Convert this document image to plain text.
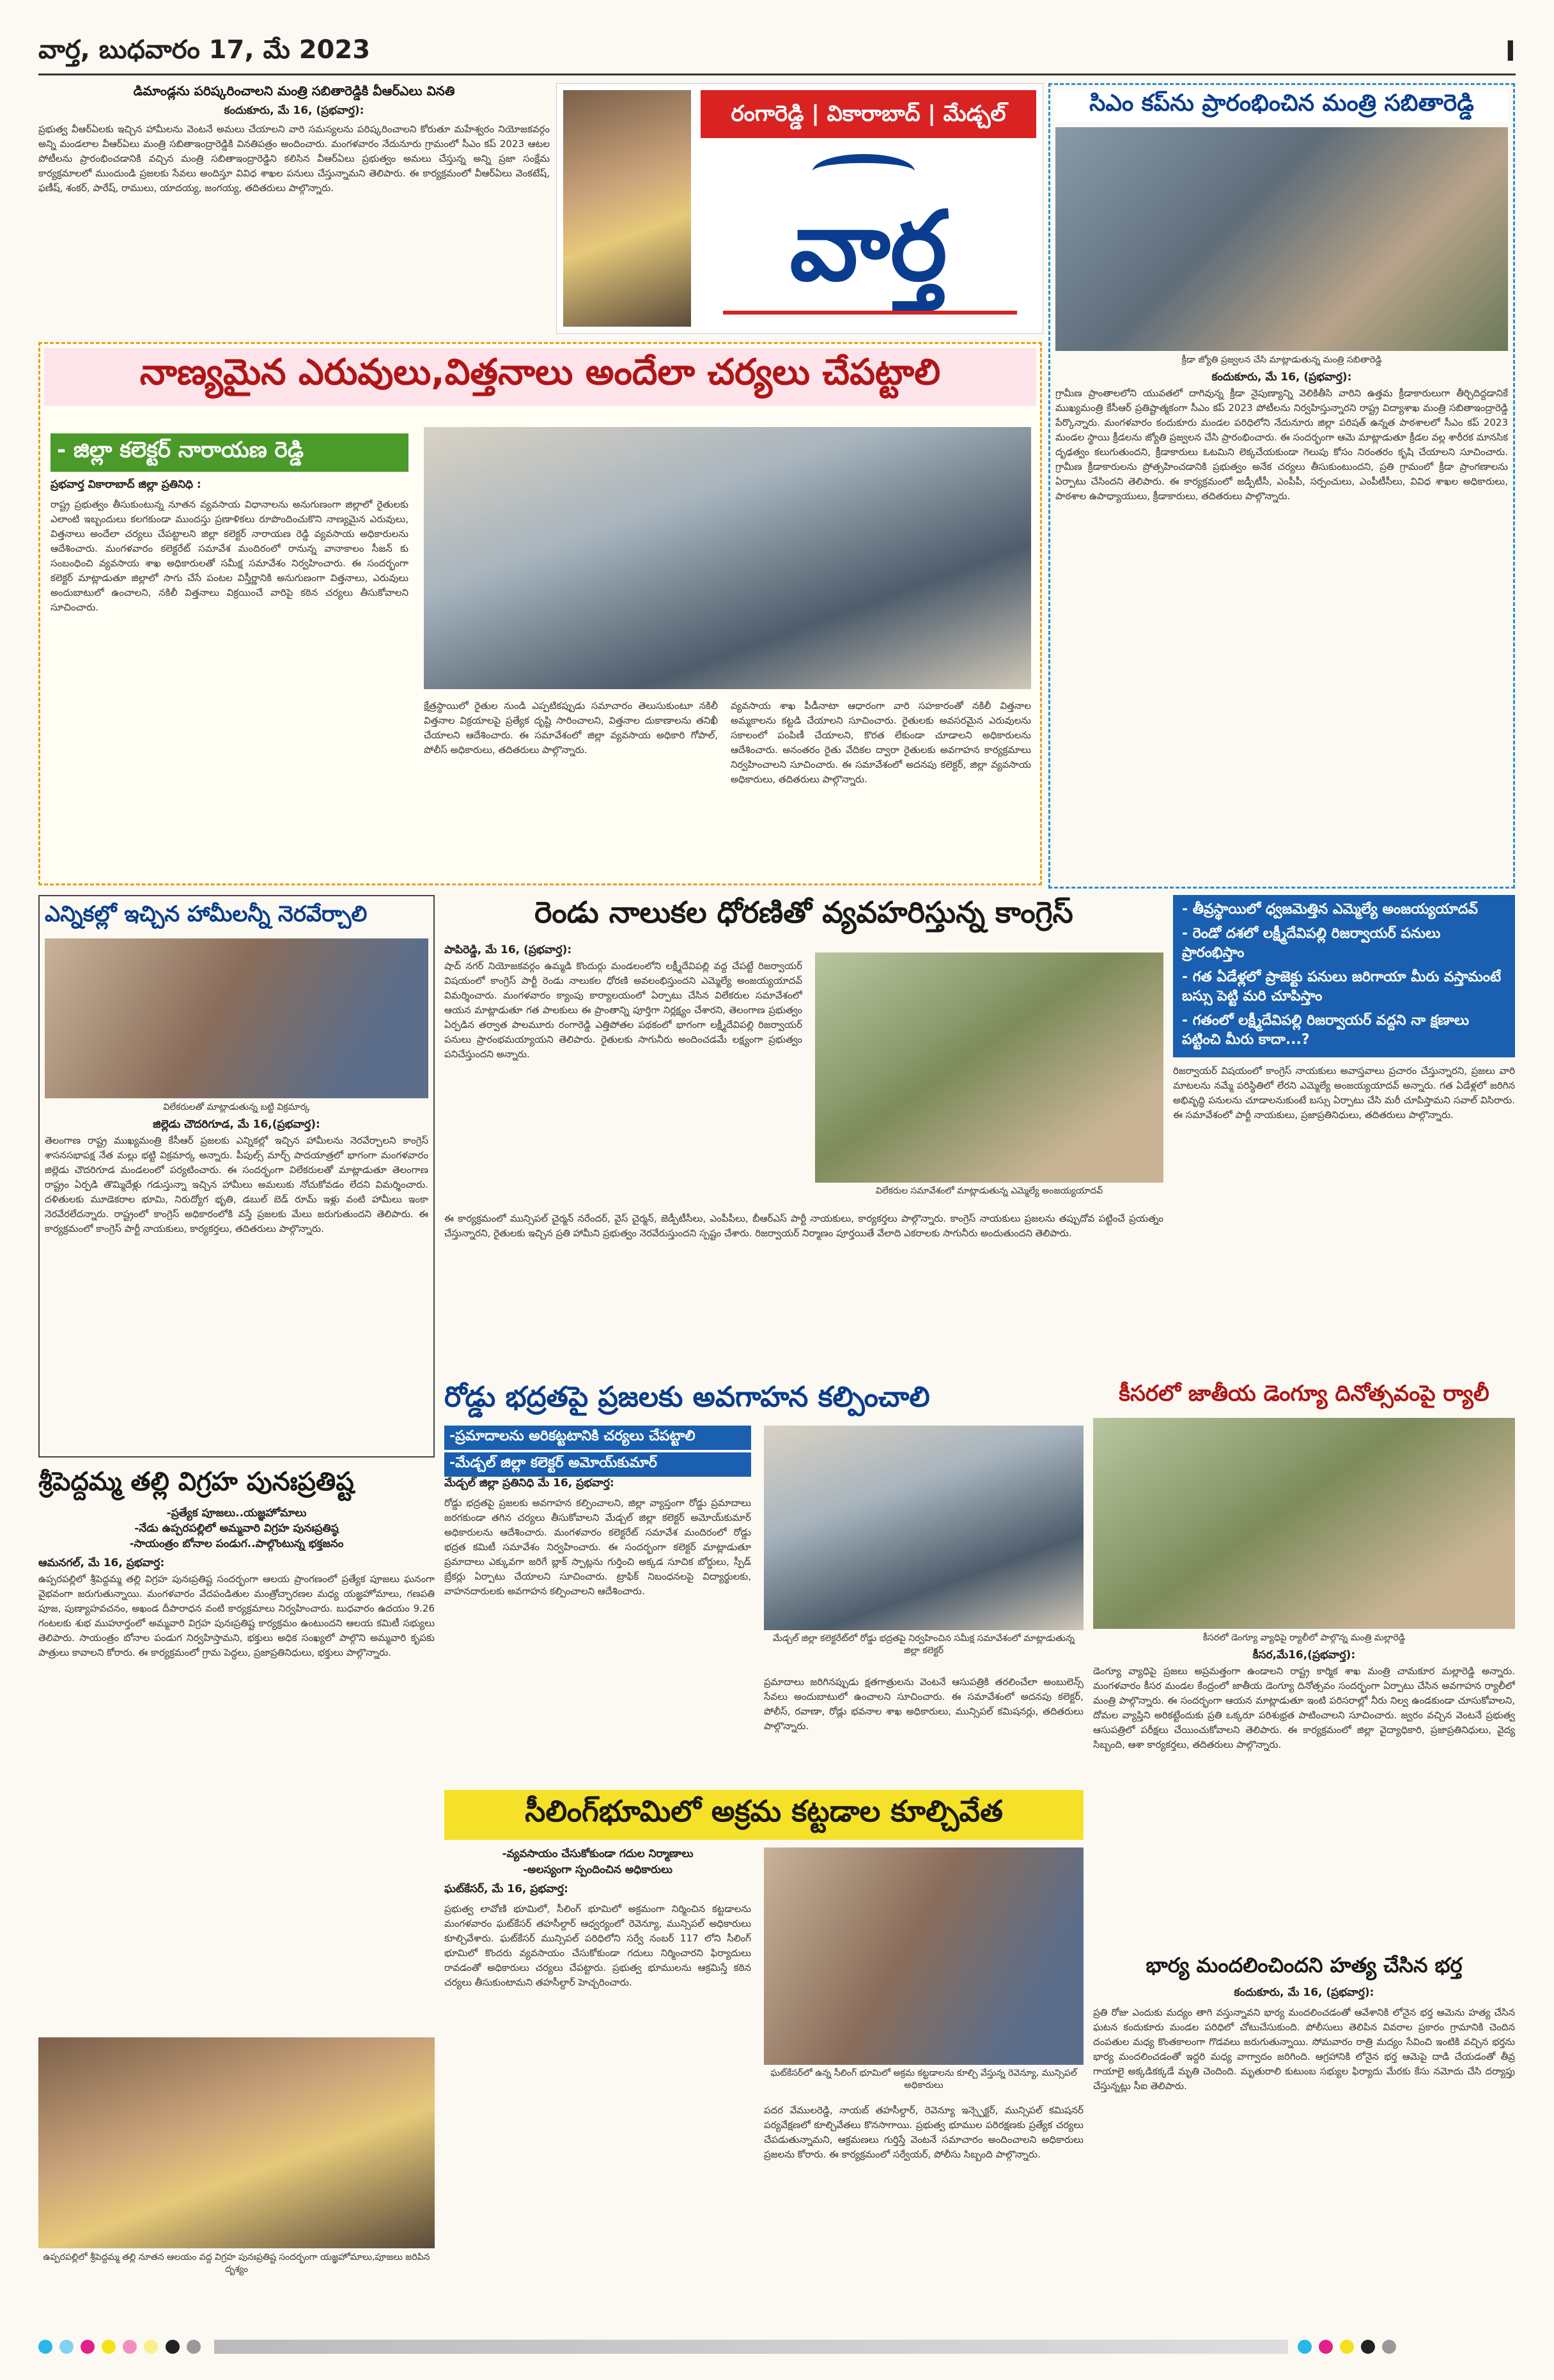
వార్త, బుధవారం 17, మే 2023	I
డిమాండ్లను పరిష్కరించాలని మంత్రి సబితారెడ్డికి వీఆర్ఎలు వినతి
కందుకూరు, మే 16, (ప్రభవార్త):
ప్రభుత్వ వీఆర్ఏలకు ఇచ్చిన హామీలను వెంటనే అమలు చేయాలని వారి సమస్యలను పరిష్కరించాలని కోరుతూ మహేశ్వరం నియోజకవర్గం అన్ని మండలాల వీఆర్ఏలు మంత్రి సబితాఇంద్రారెడ్డికి వినతిపత్రం అందించారు. మంగళవారం నేదునూరు గ్రామంలో సీఎం కప్ 2023 ఆటల పోటీలను ప్రారంభించడానికి వచ్చిన మంత్రి సబితాఇంద్రారెడ్డిని కలిసిన వీఆర్ఏలు ప్రభుత్వం అమలు చేస్తున్న అన్ని ప్రజా సంక్షేమ కార్యక్రమాలలో ముందుండి ప్రజలకు సేవలు అందిస్తూ వివిధ శాఖల పనులు చేస్తున్నామని తెలిపారు. ఈ కార్యక్రమంలో వీఆర్ఏలు వెంకటేష్, ఫణీష్, శంకర్, పారేష్, రాములు, యాదయ్య, జంగయ్య, తదితరులు పాల్గొన్నారు.
రంగారెడ్డి | వికారాబాద్ | మేడ్చల్
వార్త
సిఎం కప్‌ను ప్రారంభించిన మంత్రి సబితారెడ్డి
క్రీడా జ్యోతి ప్రజ్వలన చేసి మాట్లాడుతున్న మంత్రి సబితారెడ్డి
కందుకూరు, మే 16, (ప్రభవార్త):
గ్రామీణ ప్రాంతాలలోని యువతలో దాగివున్న క్రీడా నైపుణ్యాన్ని వెలికితీసి వారిని ఉత్తమ క్రీడాకారులుగా తీర్చిదిద్దడానికే ముఖ్యమంత్రి కేసీఆర్ ప్రతిష్టాత్మకంగా సీఎం కప్ 2023 పోటీలను నిర్వహిస్తున్నారని రాష్ట్ర విద్యాశాఖ మంత్రి సబితాఇంద్రారెడ్డి పేర్కొన్నారు. మంగళవారం కందుకూరు మండల పరిధిలోని నేదునూరు జిల్లా పరిషత్ ఉన్నత పాఠశాలలో సీఎం కప్ 2023 మండల స్థాయి క్రీడలను జ్యోతి ప్రజ్వలన చేసి ప్రారంభించారు. ఈ సందర్భంగా ఆమె మాట్లాడుతూ క్రీడల వల్ల శారీరక మానసిక దృఢత్వం కలుగుతుందని, క్రీడాకారులు ఓటమిని లెక్కచేయకుండా గెలుపు కోసం నిరంతరం కృషి చేయాలని సూచించారు. గ్రామీణ క్రీడాకారులను ప్రోత్సహించడానికి ప్రభుత్వం అనేక చర్యలు తీసుకుంటుందని, ప్రతి గ్రామంలో క్రీడా ప్రాంగణాలను ఏర్పాటు చేసిందని తెలిపారు. ఈ కార్యక్రమంలో జడ్పీటీసీ, ఎంపీపీ, సర్పంచులు, ఎంపీటీసీలు, వివిధ శాఖల అధికారులు, పాఠశాల ఉపాధ్యాయులు, క్రీడాకారులు, తదితరులు పాల్గొన్నారు.
నాణ్యమైన ఎరువులు,విత్తనాలు అందేలా చర్యలు చేపట్టాలి
- జిల్లా కలెక్టర్ నారాయణ రెడ్డి
ప్రభవార్త వికారాబాద్ జిల్లా ప్రతినిధి :
రాష్ట్ర ప్రభుత్వం తీసుకుంటున్న నూతన వ్యవసాయ విధానాలను అనుగుణంగా జిల్లాలో రైతులకు ఎలాంటి ఇబ్బందులు కలగకుండా ముందస్తు ప్రణాళికలు రూపొందించుకొని నాణ్యమైన ఎరువులు, విత్తనాలు అందేలా చర్యలు చేపట్టాలని జిల్లా కలెక్టర్ నారాయణ రెడ్డి వ్యవసాయ అధికారులను ఆదేశించారు. మంగళవారం కలెక్టరేట్ సమావేశ మందిరంలో రానున్న వానాకాలం సీజన్ కు సంబంధించి వ్యవసాయ శాఖ అధికారులతో సమీక్ష సమావేశం నిర్వహించారు. ఈ సందర్భంగా కలెక్టర్ మాట్లాడుతూ జిల్లాలో సాగు చేసే పంటల విస్తీర్ణానికి అనుగుణంగా విత్తనాలు, ఎరువులు అందుబాటులో ఉంచాలని, నకిలీ విత్తనాలు విక్రయించే వారిపై కఠిన చర్యలు తీసుకోవాలని సూచించారు.
క్షేత్రస్థాయిలో రైతుల నుండి ఎప్పటికప్పుడు సమాచారం తెలుసుకుంటూ నకిలీ విత్తనాల విక్రయాలపై ప్రత్యేక దృష్టి సారించాలని, విత్తనాల దుకాణాలను తనిఖీ చేయాలని ఆదేశించారు. ఈ సమావేశంలో జిల్లా వ్యవసాయ అధికారి గోపాల్, పోలీస్ అధికారులు, తదితరులు పాల్గొన్నారు.
వ్యవసాయ శాఖ పీడీనాటా ఆధారంగా వారి సహకారంతో నకిలీ విత్తనాల అమ్మకాలను కట్టడి చేయాలని సూచించారు. రైతులకు అవసరమైన ఎరువులను సకాలంలో పంపిణీ చేయాలని, కొరత లేకుండా చూడాలని అధికారులను ఆదేశించారు. అనంతరం రైతు వేదికల ద్వారా రైతులకు అవగాహన కార్యక్రమాలు నిర్వహించాలని సూచించారు. ఈ సమావేశంలో అదనపు కలెక్టర్, జిల్లా వ్యవసాయ అధికారులు, తదితరులు పాల్గొన్నారు.
ఎన్నికల్లో ఇచ్చిన హామీలన్నీ నెరవేర్చాలి
విలేకరులతో మాట్లాడుతున్న బట్టి విక్రమార్క
జిల్లెడు చౌదరిగూడ, మే 16,(ప్రభవార్త):
తెలంగాణ రాష్ట్ర ముఖ్యమంత్రి కేసీఆర్ ప్రజలకు ఎన్నికల్లో ఇచ్చిన హామీలను నెరవేర్చాలని కాంగ్రెస్ శాసనసభాపక్ష నేత మల్లు భట్టి విక్రమార్క అన్నారు. పీపుల్స్ మార్చ్ పాదయాత్రలో భాగంగా మంగళవారం జిల్లెడు చౌదరిగూడ మండలంలో పర్యటించారు. ఈ సందర్భంగా విలేకరులతో మాట్లాడుతూ తెలంగాణ రాష్ట్రం ఏర్పడి తొమ్మిదేళ్లు గడుస్తున్నా ఇచ్చిన హామీలు అమలుకు నోచుకోవడం లేదని విమర్శించారు. దళితులకు మూడెకరాల భూమి, నిరుద్యోగ భృతి, డబుల్ బెడ్ రూమ్ ఇళ్లు వంటి హామీలు ఇంకా నెరవేరలేదన్నారు. రాష్ట్రంలో కాంగ్రెస్ అధికారంలోకి వస్తే ప్రజలకు మేలు జరుగుతుందని తెలిపారు. ఈ కార్యక్రమంలో కాంగ్రెస్ పార్టీ నాయకులు, కార్యకర్తలు, తదితరులు పాల్గొన్నారు.
రెండు నాలుకల ధోరణితో వ్యవహరిస్తున్న కాంగ్రెస్
పాపిరెడ్డి, మే 16, (ప్రభవార్త):
షాద్ నగర్ నియోజకవర్గం ఉమ్మడి కొందుర్గు మండలంలోని లక్ష్మీదేవిపల్లి వద్ద చేపట్టే రిజర్వాయర్ విషయంలో కాంగ్రెస్ పార్టీ రెండు నాలుకల ధోరణి అవలంభిస్తుందని ఎమ్మెల్యే అంజయ్యయాదవ్ విమర్శించారు. మంగళవారం క్యాంపు కార్యాలయంలో ఏర్పాటు చేసిన విలేకరుల సమావేశంలో ఆయన మాట్లాడుతూ గత పాలకులు ఈ ప్రాంతాన్ని పూర్తిగా నిర్లక్ష్యం చేశారని, తెలంగాణ ప్రభుత్వం ఏర్పడిన తర్వాత పాలమూరు రంగారెడ్డి ఎత్తిపోతల పథకంలో భాగంగా లక్ష్మీదేవిపల్లి రిజర్వాయర్ పనులు ప్రారంభమయ్యాయని తెలిపారు. రైతులకు సాగునీరు అందించడమే లక్ష్యంగా ప్రభుత్వం పనిచేస్తుందని అన్నారు.
విలేకరుల సమావేశంలో మాట్లాడుతున్న ఎమ్మెల్యే అంజయ్యయాదవ్
ఈ కార్యక్రమంలో మున్సిపల్ చైర్మన్ నరేందర్, వైస్ చైర్మన్, జెడ్పీటీసీలు, ఎంపీపీలు, బీఆర్ఎస్ పార్టీ నాయకులు, కార్యకర్తలు పాల్గొన్నారు. కాంగ్రెస్ నాయకులు ప్రజలను తప్పుదోవ పట్టించే ప్రయత్నం చేస్తున్నారని, రైతులకు ఇచ్చిన ప్రతి హామీని ప్రభుత్వం నెరవేరుస్తుందని స్పష్టం చేశారు. రిజర్వాయర్ నిర్మాణం పూర్తయితే వేలాది ఎకరాలకు సాగునీరు అందుతుందని తెలిపారు.
- తీవ్రస్థాయిలో ధ్వజమెత్తిన ఎమ్మెల్యే అంజయ్యయాదవ్
- రెండో దశలో లక్ష్మీదేవిపల్లి రిజర్వాయర్ పనులు ప్రారంభిస్తాం
- గత ఏడేళ్లలో ప్రాజెక్టు పనులు జరిగాయా మీరు వస్తామంటే బస్సు పెట్టి మరి చూపిస్తాం
- గతంలో లక్ష్మీదేవిపల్లి రిజర్వాయర్ వద్దని నా క్షణాలు పట్టించి మీరు కాదా...?
రిజర్వాయర్ విషయంలో కాంగ్రెస్ నాయకులు అవాస్తవాలు ప్రచారం చేస్తున్నారని, ప్రజలు వారి మాటలను నమ్మే పరిస్థితిలో లేరని ఎమ్మెల్యే అంజయ్యయాదవ్ అన్నారు. గత ఏడేళ్లలో జరిగిన అభివృద్ధి పనులను చూడాలనుకుంటే బస్సు ఏర్పాటు చేసి మరీ చూపిస్తామని సవాల్ విసిరారు. ఈ సమావేశంలో పార్టీ నాయకులు, ప్రజాప్రతినిధులు, తదితరులు పాల్గొన్నారు.
రోడ్డు భద్రతపై ప్రజలకు అవగాహన కల్పించాలి
-ప్రమాదాలను అరికట్టటానికి చర్యలు చేపట్టాలి
-మేడ్చల్ జిల్లా కలెక్టర్ అమోయ్‌కుమార్
మేడ్చల్ జిల్లా ప్రతినిధి మే 16, ప్రభవార్త:
రోడ్డు భద్రతపై ప్రజలకు అవగాహన కల్పించాలని, జిల్లా వ్యాప్తంగా రోడ్డు ప్రమాదాలు జరగకుండా తగిన చర్యలు తీసుకోవాలని మేడ్చల్ జిల్లా కలెక్టర్ అమోయ్‌కుమార్ అధికారులను ఆదేశించారు. మంగళవారం కలెక్టరేట్ సమావేశ మందిరంలో రోడ్డు భద్రత కమిటీ సమావేశం నిర్వహించారు. ఈ సందర్భంగా కలెక్టర్ మాట్లాడుతూ ప్రమాదాలు ఎక్కువగా జరిగే బ్లాక్ స్పాట్లను గుర్తించి అక్కడ సూచిక బోర్డులు, స్పీడ్ బ్రేకర్లు ఏర్పాటు చేయాలని సూచించారు. ట్రాఫిక్ నిబంధనలపై విద్యార్థులకు, వాహనదారులకు అవగాహన కల్పించాలని ఆదేశించారు.
మేడ్చల్ జిల్లా కలెక్టరేట్‌లో రోడ్డు భద్రతపై నిర్వహించిన సమీక్ష సమావేశంలో మాట్లాడుతున్న జిల్లా కలెక్టర్
ప్రమాదాలు జరిగినప్పుడు క్షతగాత్రులను వెంటనే ఆసుపత్రికి తరలించేలా అంబులెన్స్ సేవలు అందుబాటులో ఉంచాలని సూచించారు. ఈ సమావేశంలో అదనపు కలెక్టర్, పోలీస్, రవాణా, రోడ్లు భవనాల శాఖ అధికారులు, మున్సిపల్ కమిషనర్లు, తదితరులు పాల్గొన్నారు.
కీసరలో జాతీయ డెంగ్యూ దినోత్సవంపై ర్యాలీ
కీసరలో డెంగ్యూ వ్యాధిపై ర్యాలీలో పాల్గొన్న మంత్రి మల్లారెడ్డి
కీసర,మే16,(ప్రభవార్త):
డెంగ్యూ వ్యాధిపై ప్రజలు అప్రమత్తంగా ఉండాలని రాష్ట్ర కార్మిక శాఖ మంత్రి చామకూర మల్లారెడ్డి అన్నారు. మంగళవారం కీసర మండల కేంద్రంలో జాతీయ డెంగ్యూ దినోత్సవం సందర్భంగా ఏర్పాటు చేసిన అవగాహన ర్యాలీలో మంత్రి పాల్గొన్నారు. ఈ సందర్భంగా ఆయన మాట్లాడుతూ ఇంటి పరిసరాల్లో నీరు నిల్వ ఉండకుండా చూసుకోవాలని, దోమల వ్యాప్తిని అరికట్టేందుకు ప్రతి ఒక్కరూ పరిశుభ్రత పాటించాలని సూచించారు. జ్వరం వచ్చిన వెంటనే ప్రభుత్వ ఆసుపత్రిలో పరీక్షలు చేయించుకోవాలని తెలిపారు. ఈ కార్యక్రమంలో జిల్లా వైద్యాధికారి, ప్రజాప్రతినిధులు, వైద్య సిబ్బంది, ఆశా కార్యకర్తలు, తదితరులు పాల్గొన్నారు.
శ్రీపెద్దమ్మ తల్లి విగ్రహ పునఃప్రతిష్ట
-ప్రత్యేక పూజలు..యజ్ఞహోమాలు
-నేడు ఉప్పరపల్లిలో అమ్మవారి విగ్రహ పునఃప్రతిష్ఠ
-సాయంత్రం బోనాల పండుగ..పాల్గొంటున్న భక్తజనం
ఆమనగల్, మే 16, ప్రభవార్త:
ఉప్పరపల్లిలో శ్రీపెద్దమ్మ తల్లి విగ్రహ పునఃప్రతిష్ట సందర్భంగా ఆలయ ప్రాంగణంలో ప్రత్యేక పూజలు ఘనంగా వైభవంగా జరుగుతున్నాయి. మంగళవారం వేదపండితుల మంత్రోచ్ఛారణల మధ్య యజ్ఞహోమాలు, గణపతి పూజ, పుణ్యాహవచనం, అఖండ దీపారాధన వంటి కార్యక్రమాలు నిర్వహించారు. బుధవారం ఉదయం 9.26 గంటలకు శుభ ముహూర్తంలో అమ్మవారి విగ్రహ పునఃప్రతిష్ట కార్యక్రమం ఉంటుందని ఆలయ కమిటీ సభ్యులు తెలిపారు. సాయంత్రం బోనాల పండుగ నిర్వహిస్తామని, భక్తులు అధిక సంఖ్యలో పాల్గొని అమ్మవారి కృపకు పాత్రులు కావాలని కోరారు. ఈ కార్యక్రమంలో గ్రామ పెద్దలు, ప్రజాప్రతినిధులు, భక్తులు పాల్గొన్నారు.
ఉప్పరపల్లిలో శ్రీపెద్దమ్మ తల్లి నూతన ఆలయం వద్ద విగ్రహ పునఃప్రతిష్ట సందర్భంగా యజ్ఞహోమాలు,పూజలు జరిపిన దృశ్యం
సీలింగ్‌భూమిలో అక్రమ కట్టడాల కూల్చివేత
-వ్యవసాయం చేసుకోకుండా గదుల నిర్మాణాలు
-అలస్యంగా స్పందించిన అధికారులు
ఘట్‌కేసర్, మే 16, ప్రభవార్త:
ప్రభుత్వ లావోణి భూమిలో, సీలింగ్ భూమిలో అక్రమంగా నిర్మించిన కట్టడాలను మంగళవారం ఘట్‌కేసర్ తహసీల్దార్ ఆధ్వర్యంలో రెవెన్యూ, మున్సిపల్ అధికారులు కూల్చివేశారు. ఘట్‌కేసర్ మున్సిపల్ పరిధిలోని సర్వే నంబర్ 117 లోని సీలింగ్ భూమిలో కొందరు వ్యవసాయం చేసుకోకుండా గదులు నిర్మించారని ఫిర్యాదులు రావడంతో అధికారులు చర్యలు చేపట్టారు. ప్రభుత్వ భూములను ఆక్రమిస్తే కఠిన చర్యలు తీసుకుంటామని తహసీల్దార్ హెచ్చరించారు.
ఘట్‌కేసర్‌లో ఉన్న సీలింగ్ భూమిలో అక్రమ కట్టడాలను కూల్చి వేస్తున్న రెవెన్యూ, మున్సిపల్ అధికారులు
పదర వేములరెడ్డి, నాయబ్ తహసీల్దార్, రెవెన్యూ ఇన్స్పెక్టర్, మున్సిపల్ కమిషనర్ పర్యవేక్షణలో కూల్చివేతలు కొనసాగాయి. ప్రభుత్వ భూముల పరిరక్షణకు ప్రత్యేక చర్యలు చేపడుతున్నామని, ఆక్రమణలు గుర్తిస్తే వెంటనే సమాచారం అందించాలని అధికారులు ప్రజలను కోరారు. ఈ కార్యక్రమంలో సర్వేయర్, పోలీసు సిబ్బంది పాల్గొన్నారు.
భార్య మందలించిందని హత్య చేసిన భర్త
కందుకూరు, మే 16, (ప్రభవార్త):
ప్రతి రోజు ఎందుకు మద్యం తాగి వస్తున్నావని భార్య మందలించడంతో ఆవేశానికి లోనైన భర్త ఆమెను హత్య చేసిన ఘటన కందుకూరు మండల పరిధిలో చోటుచేసుకుంది. పోలీసులు తెలిపిన వివరాల ప్రకారం గ్రామానికి చెందిన దంపతుల మధ్య కొంతకాలంగా గొడవలు జరుగుతున్నాయి. సోమవారం రాత్రి మద్యం సేవించి ఇంటికి వచ్చిన భర్తను భార్య మందలించడంతో ఇద్దరి మధ్య వాగ్వాదం జరిగింది. ఆగ్రహానికి లోనైన భర్త ఆమెపై దాడి చేయడంతో తీవ్ర గాయాలై అక్కడికక్కడే మృతి చెందింది. మృతురాలి కుటుంబ సభ్యుల ఫిర్యాదు మేరకు కేసు నమోదు చేసి దర్యాప్తు చేస్తున్నట్లు సీఐ తెలిపారు.
